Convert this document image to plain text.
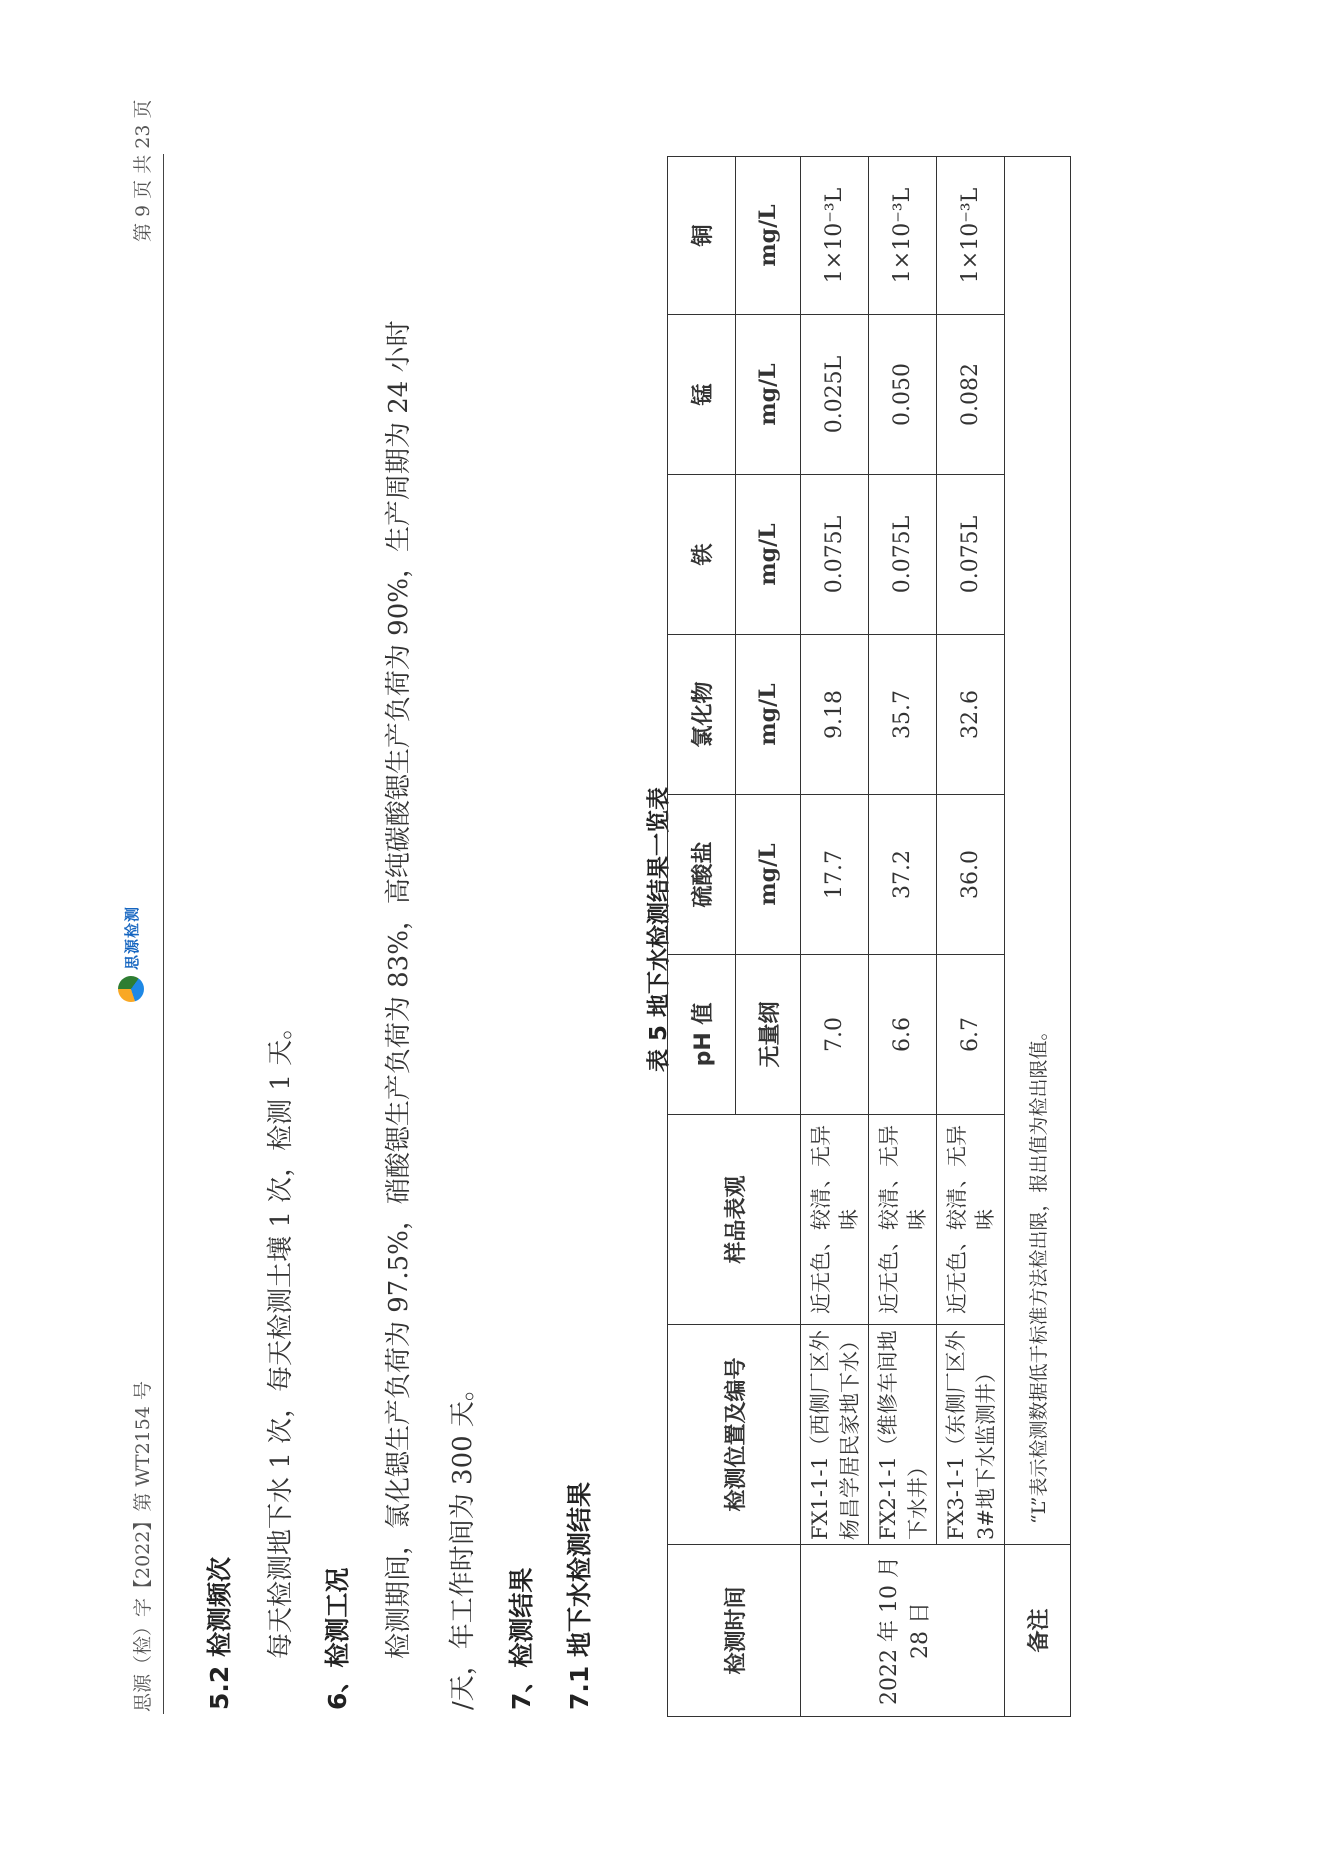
思源（检）字【2022】第 WT2154 号
思源检测
第 9 页 共 23 页
5.2 检测频次 每天检测地下水 1 次，每天检测土壤 1 次，检测 1 天。 6、检测工况 检测期间，氯化锶生产负荷为 97.5%，硝酸锶生产负荷为 83%，高纯碳酸锶生产负荷为 90%，生产周期为 24 小时 /天，年工作时间为 300 天。 7、检测结果 7.1 地下水检测结果
表 5 地下水检测结果一览表
检测时间	检测位置及编号	样品表观	pH 值	硫酸盐	氯化物	铁	锰	铜
			无量纲	mg/L	mg/L	mg/L	mg/L	mg/L
2022 年 10 月 28 日	FX1-1-1（西侧厂区外杨昌学居民家地下水）	近无色、较清、无异味	7.0	17.7	9.18	0.075L	0.025L	1×10⁻³L
	FX2-1-1（维修车间地下水井）	近无色、较清、无异味	6.6	37.2	35.7	0.075L	0.050	1×10⁻³L
	FX3-1-1（东侧厂区外 3#地下水监测井）	近无色、较清、无异味	6.7	36.0	32.6	0.075L	0.082	1×10⁻³L
备注	“L”表示检测数据低于标准方法检出限，报出值为检出限值。							
